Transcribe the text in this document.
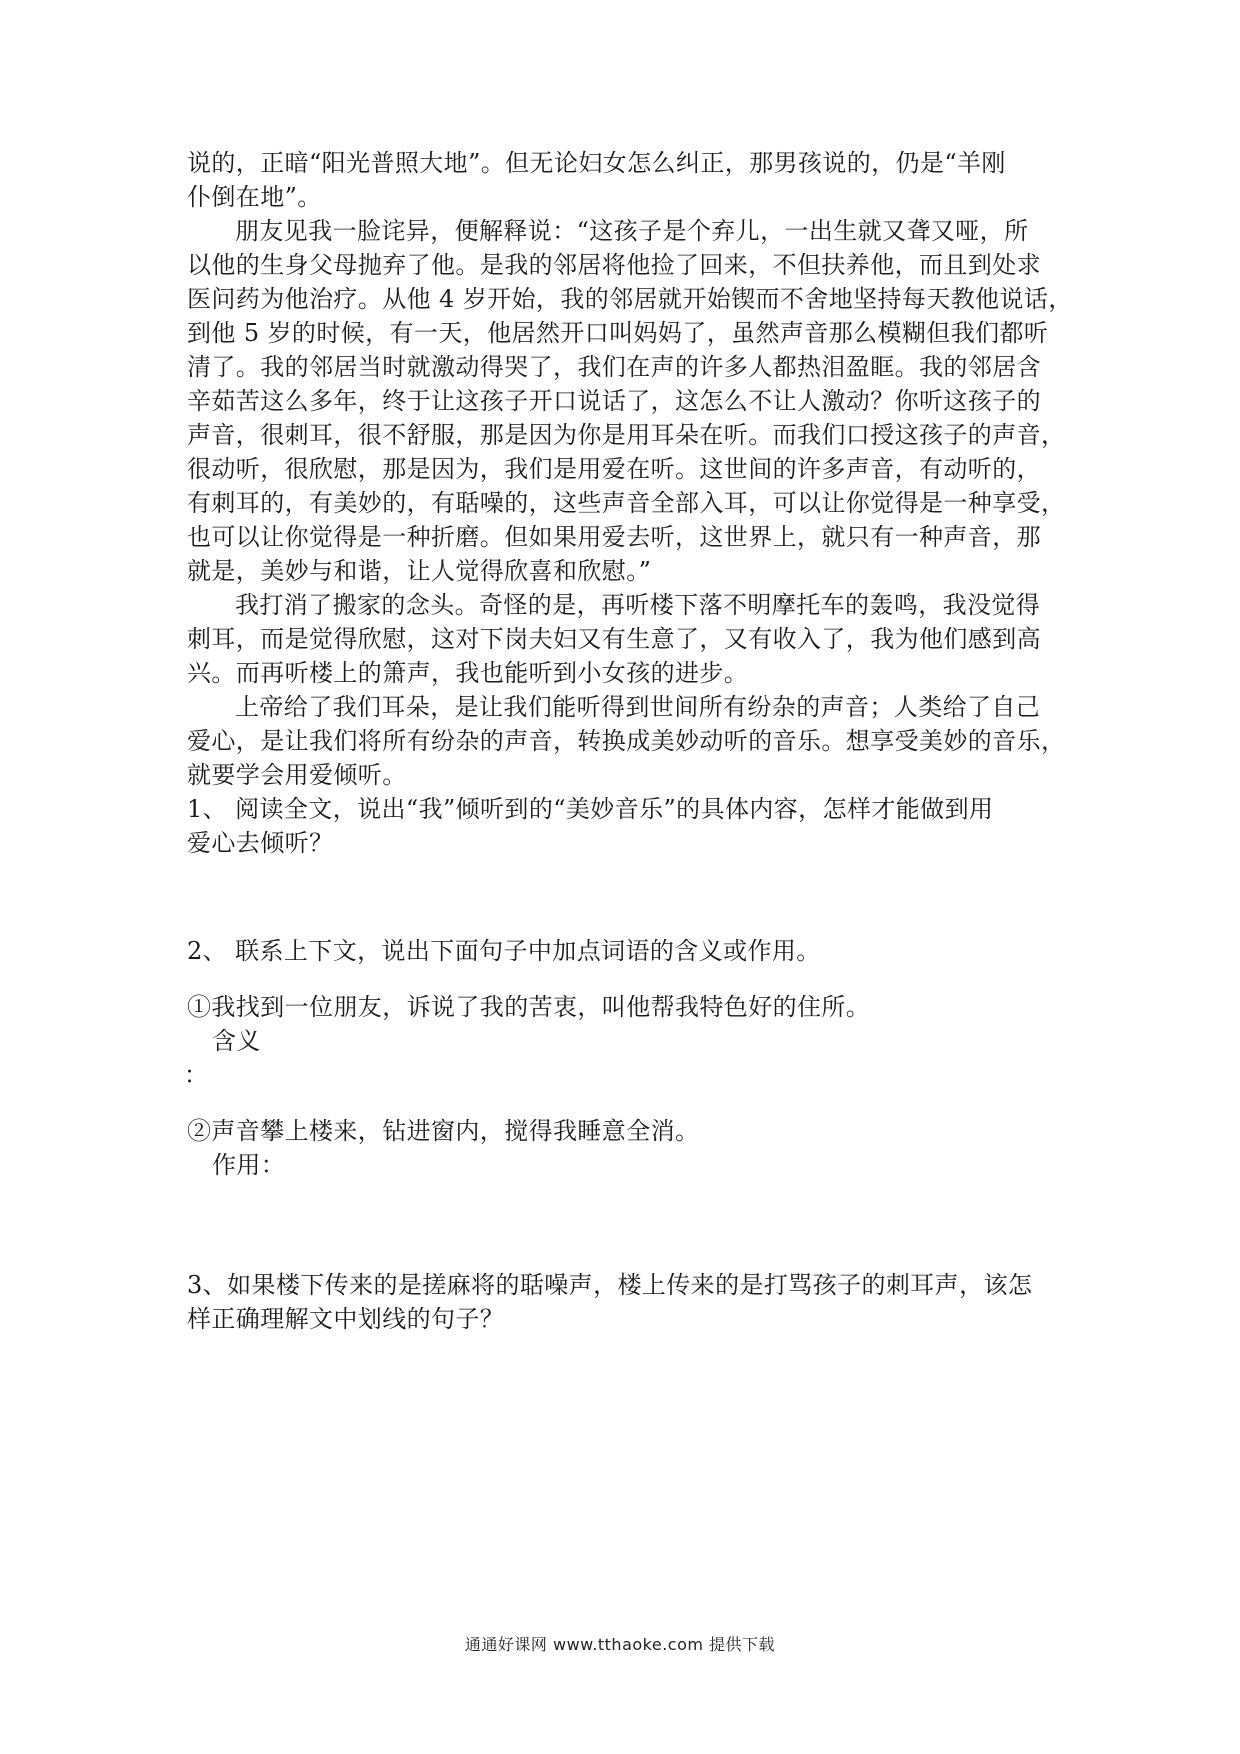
说的，正暗“阳光普照大地”。但无论妇女怎么纠正，那男孩说的，仍是“羊刚
仆倒在地”。
朋友见我一脸诧异，便解释说：“这孩子是个弃儿，一出生就又聋又哑，所
以他的生身父母抛弃了他。是我的邻居将他捡了回来，不但扶养他，而且到处求
医问药为他治疗。从他 4 岁开始，我的邻居就开始锲而不舍地坚持每天教他说话，
到他 5 岁的时候，有一天，他居然开口叫妈妈了，虽然声音那么模糊但我们都听
清了。我的邻居当时就激动得哭了，我们在声的许多人都热泪盈眶。我的邻居含
辛茹苦这么多年，终于让这孩子开口说话了，这怎么不让人激动？你听这孩子的
声音，很刺耳，很不舒服，那是因为你是用耳朵在听。而我们口授这孩子的声音，
很动听，很欣慰，那是因为，我们是用爱在听。这世间的许多声音，有动听的，
有刺耳的，有美妙的，有聒噪的，这些声音全部入耳，可以让你觉得是一种享受，
也可以让你觉得是一种折磨。但如果用爱去听，这世界上，就只有一种声音，那
就是，美妙与和谐，让人觉得欣喜和欣慰。”
我打消了搬家的念头。奇怪的是，再听楼下落不明摩托车的轰鸣，我没觉得
刺耳，而是觉得欣慰，这对下岗夫妇又有生意了，又有收入了，我为他们感到高
兴。而再听楼上的箫声，我也能听到小女孩的进步。
上帝给了我们耳朵，是让我们能听得到世间所有纷杂的声音；人类给了自己
爱心，是让我们将所有纷杂的声音，转换成美妙动听的音乐。想享受美妙的音乐，
就要学会用爱倾听。
1、 阅读全文，说出“我”倾听到的“美妙音乐”的具体内容，怎样才能做到用
爱心去倾听？
2、 联系上下文，说出下面句子中加点词语的含义或作用。
①我找到一位朋友，诉说了我的苦衷，叫他帮我特色好的住所。
含义
：
②声音攀上楼来，钻进窗内，搅得我睡意全消。
作用：
3、如果楼下传来的是搓麻将的聒噪声，楼上传来的是打骂孩子的刺耳声，该怎
样正确理解文中划线的句子？
通通好课网 www.tthaoke.com 提供下载
